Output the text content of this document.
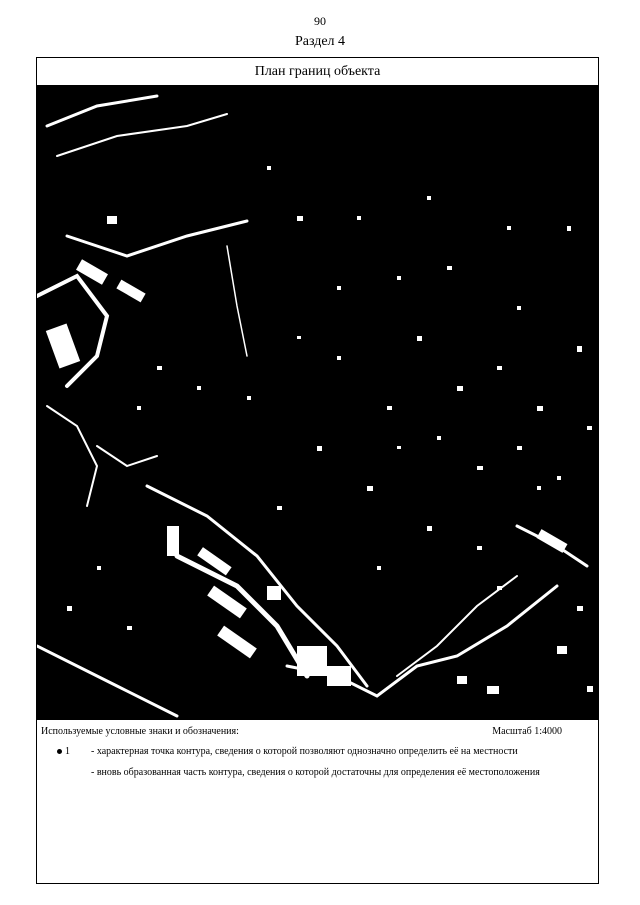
90
Раздел 4
План границ объекта
Используемые условные знаки и обозначения:	Масштаб 1:4000
1 - характерная точка контура, сведения о которой позволяют однозначно определить её на местности
- вновь образованная часть контура, сведения о которой достаточны для определения её местоположения
